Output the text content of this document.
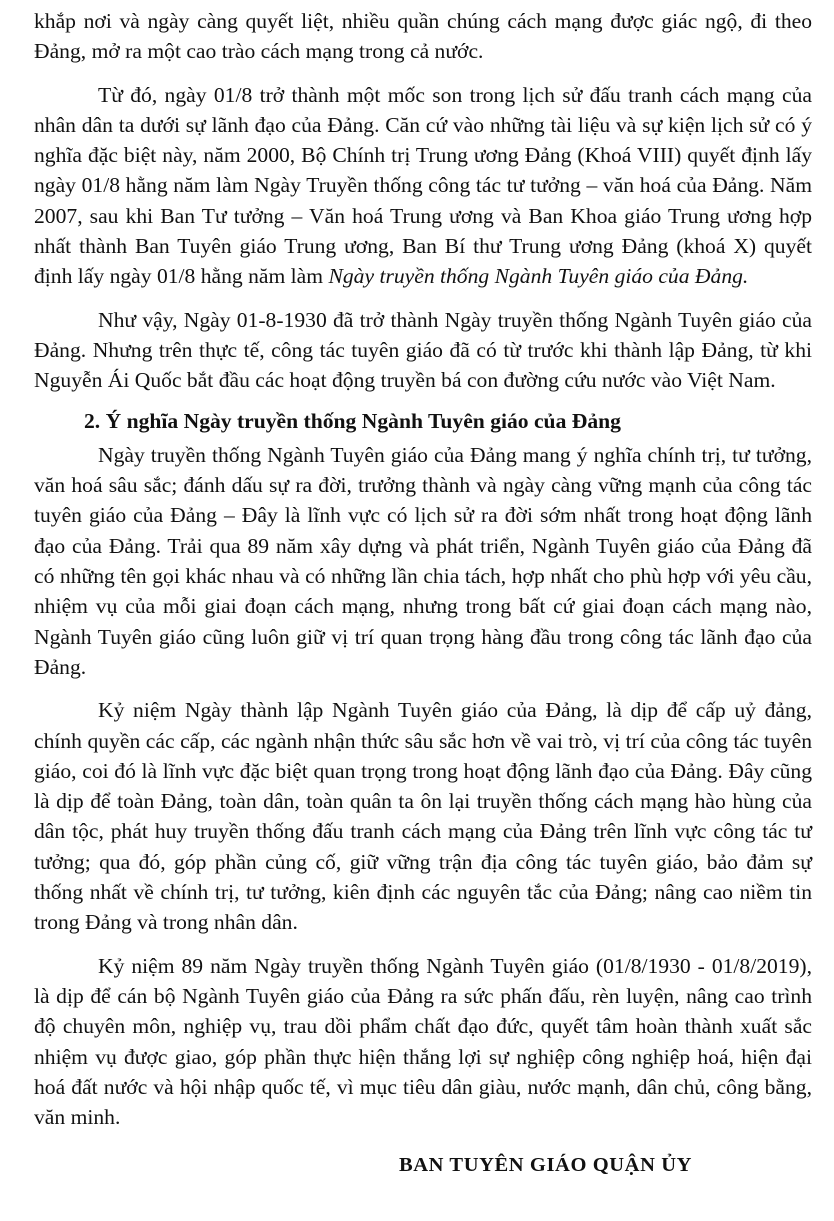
khắp nơi và ngày càng quyết liệt, nhiều quần chúng cách mạng được giác ngộ, đi theo Đảng, mở ra một cao trào cách mạng trong cả nước.

Từ đó, ngày 01/8 trở thành một mốc son trong lịch sử đấu tranh cách mạng của nhân dân ta dưới sự lãnh đạo của Đảng. Căn cứ vào những tài liệu và sự kiện lịch sử có ý nghĩa đặc biệt này, năm 2000, Bộ Chính trị Trung ương Đảng (Khoá VIII) quyết định lấy ngày 01/8 hằng năm làm Ngày Truyền thống công tác tư tưởng – văn hoá của Đảng. Năm 2007, sau khi Ban Tư tưởng – Văn hoá Trung ương và Ban Khoa giáo Trung ương hợp nhất thành Ban Tuyên giáo Trung ương, Ban Bí thư Trung ương Đảng (khoá X) quyết định lấy ngày 01/8 hằng năm làm Ngày truyền thống Ngành Tuyên giáo của Đảng.

Như vậy, Ngày 01-8-1930 đã trở thành Ngày truyền thống Ngành Tuyên giáo của Đảng. Nhưng trên thực tế, công tác tuyên giáo đã có từ trước khi thành lập Đảng, từ khi Nguyễn Ái Quốc bắt đầu các hoạt động truyền bá con đường cứu nước vào Việt Nam.

2. Ý nghĩa Ngày truyền thống Ngành Tuyên giáo của Đảng

Ngày truyền thống Ngành Tuyên giáo của Đảng mang ý nghĩa chính trị, tư tưởng, văn hoá sâu sắc; đánh dấu sự ra đời, trưởng thành và ngày càng vững mạnh của công tác tuyên giáo của Đảng – Đây là lĩnh vực có lịch sử ra đời sớm nhất trong hoạt động lãnh đạo của Đảng. Trải qua 89 năm xây dựng và phát triển, Ngành Tuyên giáo của Đảng đã có những tên gọi khác nhau và có những lần chia tách, hợp nhất cho phù hợp với yêu cầu, nhiệm vụ của mỗi giai đoạn cách mạng, nhưng trong bất cứ giai đoạn cách mạng nào, Ngành Tuyên giáo cũng luôn giữ vị trí quan trọng hàng đầu trong công tác lãnh đạo của Đảng.

Kỷ niệm Ngày thành lập Ngành Tuyên giáo của Đảng, là dịp để cấp uỷ đảng, chính quyền các cấp, các ngành nhận thức sâu sắc hơn về vai trò, vị trí của công tác tuyên giáo, coi đó là lĩnh vực đặc biệt quan trọng trong hoạt động lãnh đạo của Đảng. Đây cũng là dịp để toàn Đảng, toàn dân, toàn quân ta ôn lại truyền thống cách mạng hào hùng của dân tộc, phát huy truyền thống đấu tranh cách mạng của Đảng trên lĩnh vực công tác tư tưởng; qua đó, góp phần củng cố, giữ vững trận địa công tác tuyên giáo, bảo đảm sự thống nhất về chính trị, tư tưởng, kiên định các nguyên tắc của Đảng; nâng cao niềm tin trong Đảng và trong nhân dân.

Kỷ niệm 89 năm Ngày truyền thống Ngành Tuyên giáo (01/8/1930 - 01/8/2019), là dịp để cán bộ Ngành Tuyên giáo của Đảng ra sức phấn đấu, rèn luyện, nâng cao trình độ chuyên môn, nghiệp vụ, trau dồi phẩm chất đạo đức, quyết tâm hoàn thành xuất sắc nhiệm vụ được giao, góp phần thực hiện thắng lợi sự nghiệp công nghiệp hoá, hiện đại hoá đất nước và hội nhập quốc tế, vì mục tiêu dân giàu, nước mạnh, dân chủ, công bằng, văn minh.

BAN TUYÊN GIÁO QUẬN ỦY
